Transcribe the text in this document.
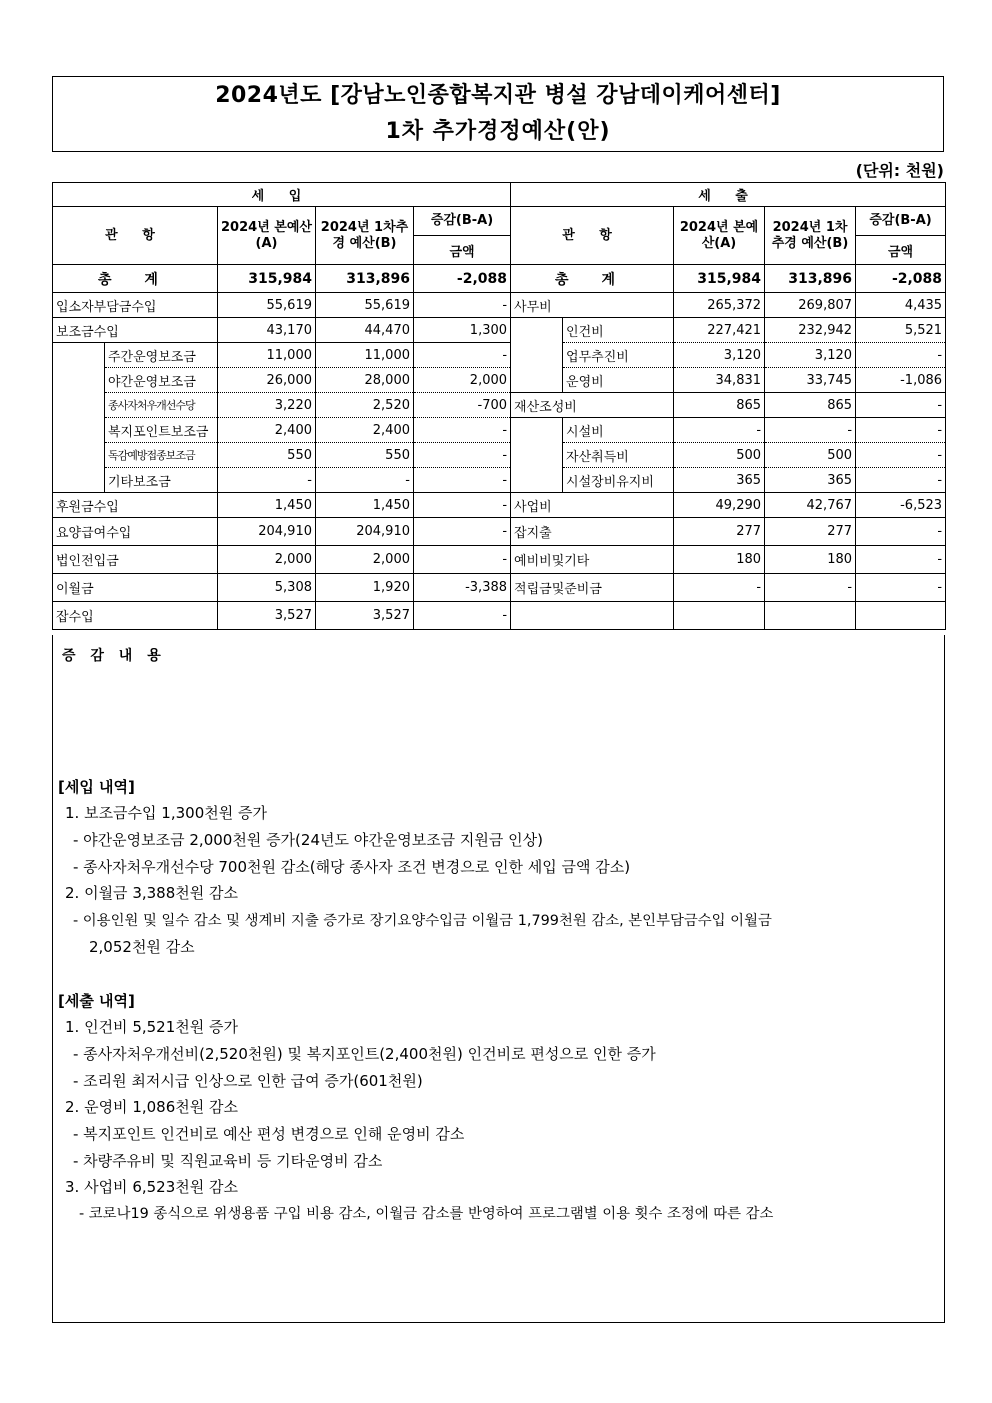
2024년도 [강남노인종합복지관 병설 강남데이케어센터]
1차 추가경정예산(안)
(단위: 천원)
세 입					세 출				
관 항		2024년 본예산(A)	2024년 1차추경 예산(B)	증감(B-A)	관 항		2024년 본예산(A)	2024년 1차추경 예산(B)	증감(B-A)
				금액					금액
총 계		315,984	313,896	-2,088	총 계		315,984	313,896	-2,088
입소자부담금수입		55,619	55,619	-	사무비		265,372	269,807	4,435
보조금수입		43,170	44,470	1,300		인건비	227,421	232,942	5,521
	주간운영보조금	11,000	11,000	-		업무추진비	3,120	3,120	-
	야간운영보조금	26,000	28,000	2,000		운영비	34,831	33,745	-1,086
	종사자처우개선수당	3,220	2,520	-700	재산조성비		865	865	-
	복지포인트보조금	2,400	2,400	-		시설비	-	-	-
	독감예방접종보조금	550	550	-		자산취득비	500	500	-
	기타보조금	-	-	-		시설장비유지비	365	365	-
후원금수입		1,450	1,450	-	사업비		49,290	42,767	-6,523
요양급여수입		204,910	204,910	-	잡지출		277	277	-
법인전입금		2,000	2,000	-	예비비및기타		180	180	-
이월금		5,308	1,920	-3,388	적립금및준비금		-	-	-
잡수입		3,527	3,527	-					
증 감 내 용
[세입 내역]
1. 보조금수입 1,300천원 증가
- 야간운영보조금 2,000천원 증가(24년도 야간운영보조금 지원금 인상)
- 종사자처우개선수당 700천원 감소(해당 종사자 조건 변경으로 인한 세입 금액 감소)
2. 이월금 3,388천원 감소
- 이용인원 및 일수 감소 및 생계비 지출 증가로 장기요양수입금 이월금 1,799천원 감소, 본인부담금수입 이월금
2,052천원 감소
[세출 내역]
1. 인건비 5,521천원 증가
- 종사자처우개선비(2,520천원) 및 복지포인트(2,400천원) 인건비로 편성으로 인한 증가
- 조리원 최저시급 인상으로 인한 급여 증가(601천원)
2. 운영비 1,086천원 감소
- 복지포인트 인건비로 예산 편성 변경으로 인해 운영비 감소
- 차량주유비 및 직원교육비 등 기타운영비 감소
3. 사업비 6,523천원 감소
- 코로나19 종식으로 위생용품 구입 비용 감소, 이월금 감소를 반영하여 프로그램별 이용 횟수 조정에 따른 감소
